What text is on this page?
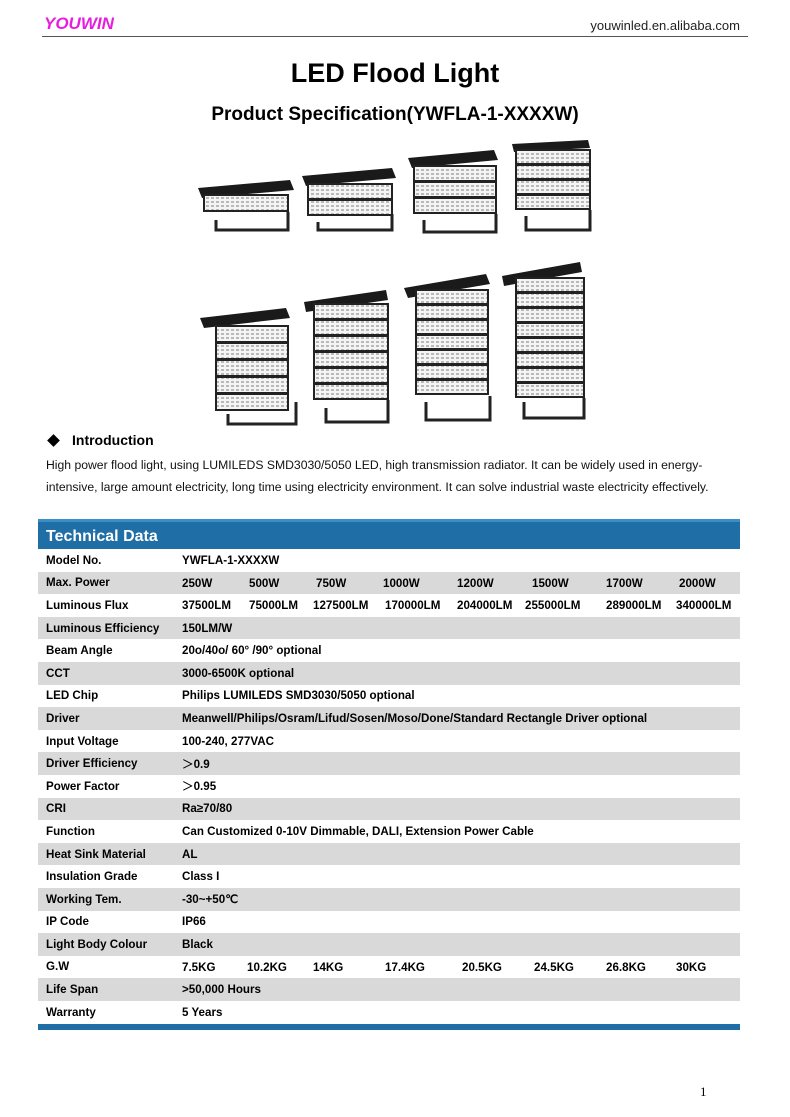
YOUWIN	youwinled.en.alibaba.com
LED Flood Light
Product Specification(YWFLA-1-XXXXW)
Introduction
High power flood light, using LUMILEDS SMD3030/5050 LED, high transmission radiator. It can be widely used in energy-intensive, large amount electricity, long time using electricity environment. It can solve industrial waste electricity effectively.
Technical Data
Model No.	YWFLA-1-XXXXW
Max. Power	250W	500W	750W	1000W	1200W	1500W	1700W	2000W
Luminous Flux	37500LM 75000LM 127500LM 170000LM 204000LM 255000LM 289000LM 340000LM
Luminous Efficiency	150LM/W
Beam Angle	20ο/40ο/ 60° /90° optional
CCT	3000-6500K optional
LED Chip	Philips LUMILEDS SMD3030/5050 optional
Driver	Meanwell/Philips/Osram/Lifud/Sosen/Moso/Done/Standard Rectangle Driver optional
Input Voltage	100-240, 277VAC
Driver Efficiency	＞0.9
Power Factor	＞0.95
CRI	Ra≥70/80
Function	Can Customized 0-10V Dimmable, DALI, Extension Power Cable
Heat Sink Material	AL
Insulation Grade	Class I
Working Tem.	-30~+50℃
IP Code	IP66
Light Body Colour	Black
G.W	7.5KG	10.2KG 14KG	17.4KG	20.5KG	24.5KG	26.8KG	30KG
Life Span	>50,000 Hours
Warranty	5 Years
1
